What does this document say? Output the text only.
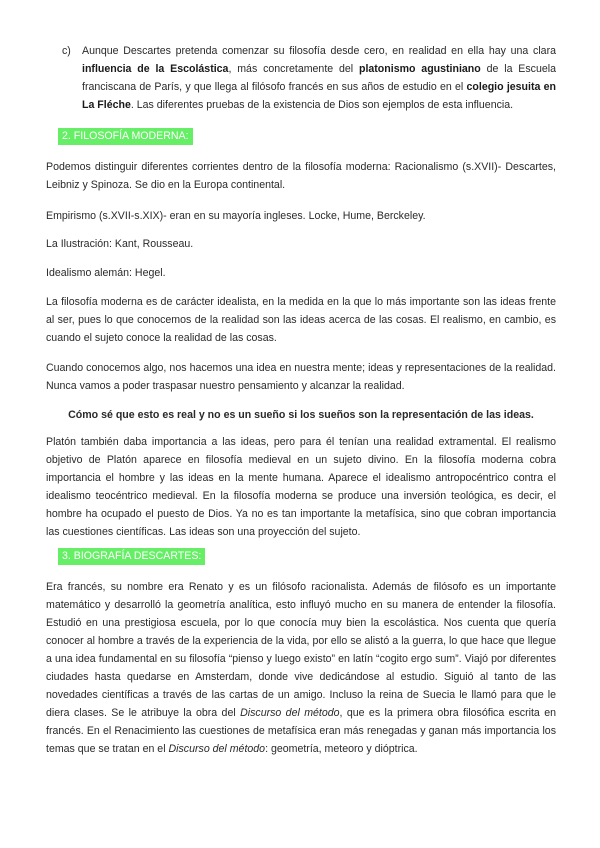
c) Aunque Descartes pretenda comenzar su filosofía desde cero, en realidad en ella hay una clara influencia de la Escolástica, más concretamente del platonismo agustiniano de la Escuela franciscana de París, y que llega al filósofo francés en sus años de estudio en el colegio jesuita en La Fléche. Las diferentes pruebas de la existencia de Dios son ejemplos de esta influencia.
2. FILOSOFÍA MODERNA:
Podemos distinguir diferentes corrientes dentro de la filosofía moderna: Racionalismo (s.XVII)- Descartes, Leibniz y Spinoza. Se dio en la Europa continental.
Empirismo (s.XVII-s.XIX)- eran en su mayoría ingleses. Locke, Hume, Berckeley.
La Ilustración: Kant, Rousseau.
Idealismo alemán: Hegel.
La filosofía moderna es de carácter idealista, en la medida en la que lo más importante son las ideas frente al ser, pues lo que conocemos de la realidad son las ideas acerca de las cosas. El realismo, en cambio, es cuando el sujeto conoce la realidad de las cosas.
Cuando conocemos algo, nos hacemos una idea en nuestra mente; ideas y representaciones de la realidad. Nunca vamos a poder traspasar nuestro pensamiento y alcanzar la realidad.
Cómo sé que esto es real y no es un sueño si los sueños son la representación de las ideas.
Platón también daba importancia a las ideas, pero para él tenían una realidad extramental. El realismo objetivo de Platón aparece en filosofía medieval en un sujeto divino. En la filosofía moderna cobra importancia el hombre y las ideas en la mente humana. Aparece el idealismo antropocéntrico contra el idealismo teocéntrico medieval. En la filosofía moderna se produce una inversión teológica, es decir, el hombre ha ocupado el puesto de Dios. Ya no es tan importante la metafísica, sino que cobran importancia las cuestiones científicas. Las ideas son una proyección del sujeto.
3. BIOGRAFÍA DESCARTES:
Era francés, su nombre era Renato y es un filósofo racionalista. Además de filósofo es un importante matemático y desarrolló la geometría analítica, esto influyó mucho en su manera de entender la filosofía. Estudió en una prestigiosa escuela, por lo que conocía muy bien la escolástica. Nos cuenta que quería conocer al hombre a través de la experiencia de la vida, por ello se alistó a la guerra, lo que hace que llegue a una idea fundamental en su filosofía “pienso y luego existo” en latín “cogito ergo sum”. Viajó por diferentes ciudades hasta quedarse en Amsterdam, donde vive dedicándose al estudio. Siguió al tanto de las novedades científicas a través de las cartas de un amigo. Incluso la reina de Suecia le llamó para que le diera clases. Se le atribuye la obra del Discurso del método, que es la primera obra filosófica escrita en francés. En el Renacimiento las cuestiones de metafísica eran más renegadas y ganan más importancia los temas que se tratan en el Discurso del método: geometría, meteoro y dióptrica.
